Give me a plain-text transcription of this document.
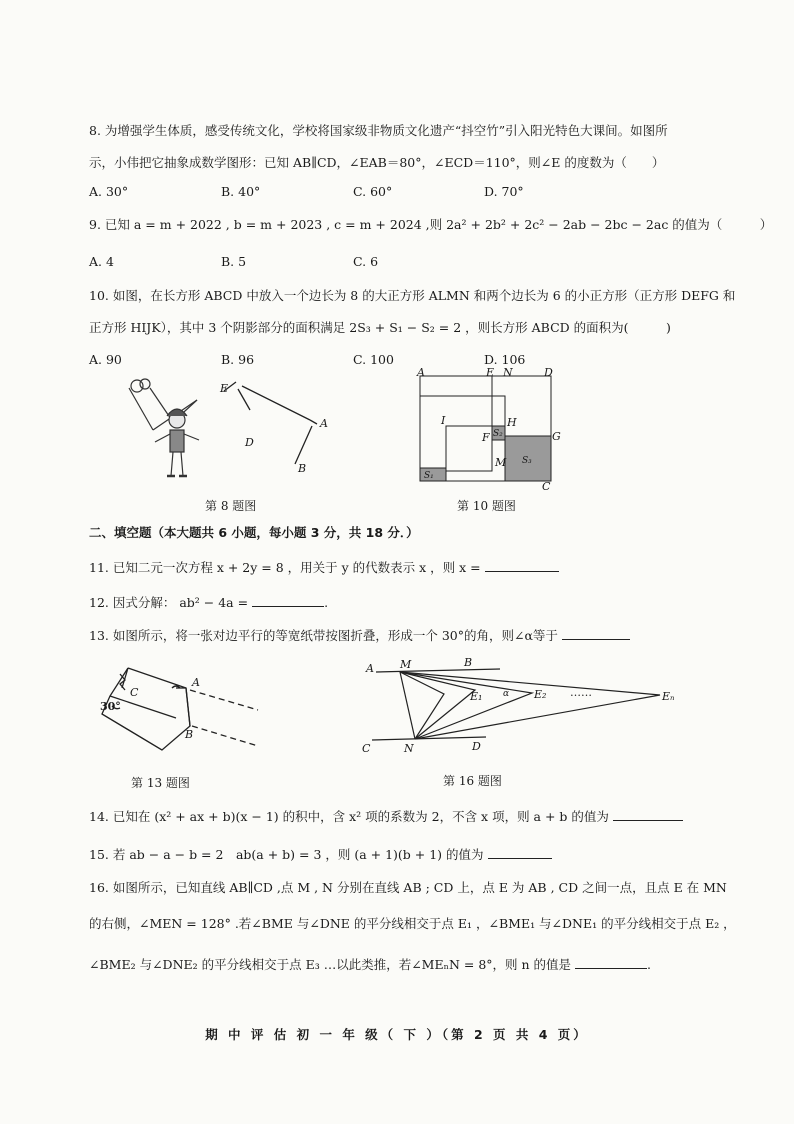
8. 为增强学生体质，感受传统文化，学校将国家级非物质文化遗产“抖空竹”引入阳光特色大课间。如图所
示，小伟把它抽象成数学图形：已知 AB∥CD，∠EAB＝80°，∠ECD＝110°，则∠E 的度数为（　　）
A. 30°	B. 40°	C. 60°	D. 70°
9. 已知 a = m + 2022 , b = m + 2023 , c = m + 2024 ,则 2a² + 2b² + 2c² − 2ab − 2bc − 2ac 的值为（　　　）
A. 4	B. 5	C. 6
10. 如图，在长方形 ABCD 中放入一个边长为 8 的大正方形 ALMN 和两个边长为 6 的小正方形（正方形 DEFG 和
正方形 HIJK），其中 3 个阴影部分的面积满足 2S₃ + S₁ − S₂ = 2 ，则长方形 ABCD 的面积为(　　　)
A. 90	B. 96	C. 100	D. 106
E
D
A
B
第 8 题图
A	E N	D
I	H
F S₂	G
M
S₁
S₃
C
第 10 题图
二、填空题（本大题共 6 小题，每小题 3 分，共 18 分．）
11. 已知二元一次方程 x + 2y = 8 ，用关于 y 的代数表示 x ，则 x =
12. 因式分解： ab² − 4a =	.
13. 如图所示，将一张对边平行的等宽纸带按图折叠，形成一个 30°的角，则∠α等于
30°
C
A
B
第 13 题图
A M	B
E₁ α E₂ ……	Eₙ
C	N	D
第 16 题图
14. 已知在 (x² + ax + b)(x − 1) 的积中，含 x² 项的系数为 2，不含 x 项，则 a + b 的值为
15. 若 ab − a − b = 2　ab(a + b) = 3 ，则 (a + 1)(b + 1) 的值为
16. 如图所示，已知直线 AB∥CD ,点 M , N 分别在直线 AB ; CD 上，点 E 为 AB , CD 之间一点，且点 E 在 MN
的右侧，∠MEN = 128° .若∠BME 与∠DNE 的平分线相交于点 E₁ ，∠BME₁ 与∠DNE₁ 的平分线相交于点 E₂ ，
∠BME₂ 与∠DNE₂ 的平分线相交于点 E₃ …以此类推，若∠MEₙN = 8°，则 n 的值是	.
期 中 评 估 初 一 年 级（ 下 ）（第 2 页 共 4 页）
